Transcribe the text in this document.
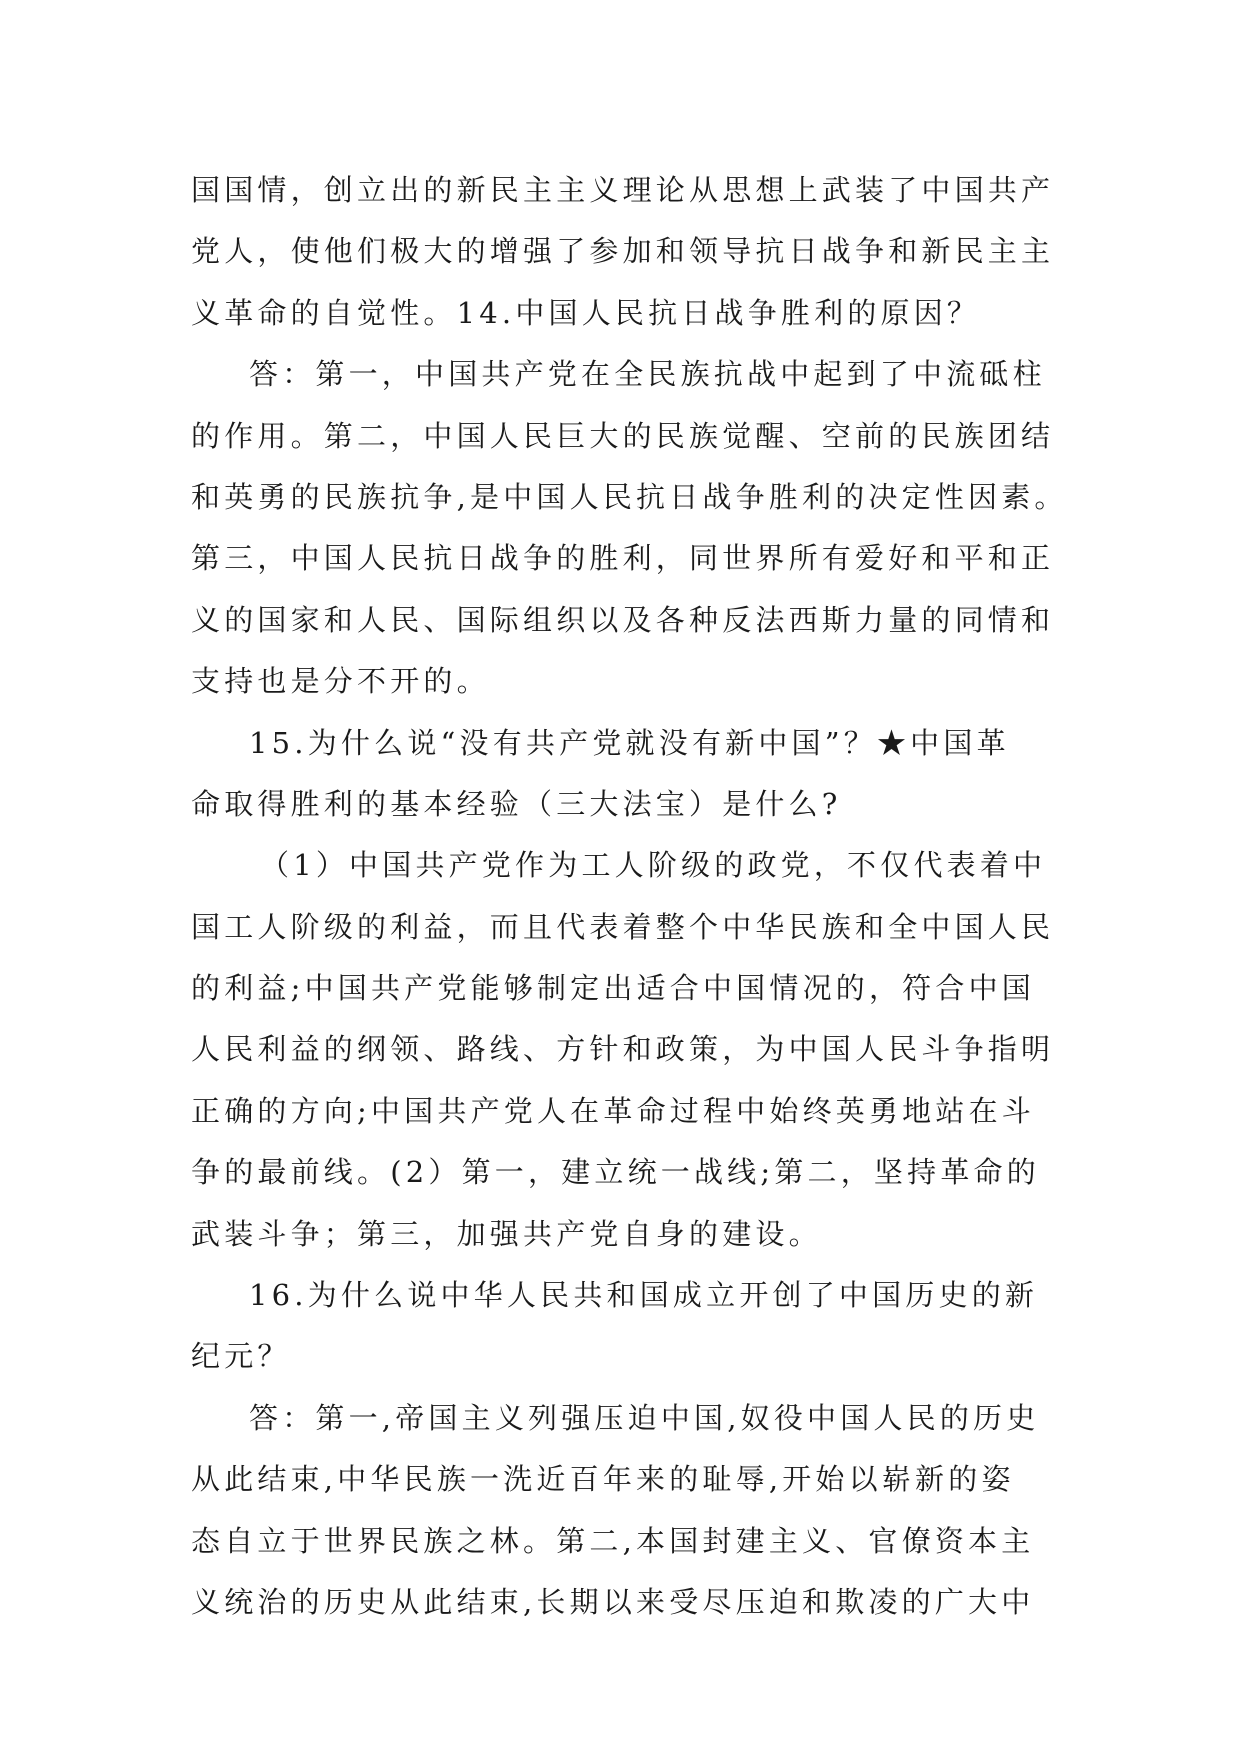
国国情，创立出的新民主主义理论从思想上武装了中国共产
党人，使他们极大的增强了参加和领导抗日战争和新民主主
义革命的自觉性。14.中国人民抗日战争胜利的原因？
答：第一，中国共产党在全民族抗战中起到了中流砥柱
的作用。第二，中国人民巨大的民族觉醒、空前的民族团结
和英勇的民族抗争,是中国人民抗日战争胜利的决定性因素。
第三，中国人民抗日战争的胜利，同世界所有爱好和平和正
义的国家和人民、国际组织以及各种反法西斯力量的同情和
支持也是分不开的。
15.为什么说“没有共产党就没有新中国”？★中国革
命取得胜利的基本经验（三大法宝）是什么?
（1）中国共产党作为工人阶级的政党，不仅代表着中
国工人阶级的利益，而且代表着整个中华民族和全中国人民
的利益;中国共产党能够制定出适合中国情况的，符合中国
人民利益的纲领、路线、方针和政策，为中国人民斗争指明
正确的方向;中国共产党人在革命过程中始终英勇地站在斗
争的最前线。(2）第一，建立统一战线;第二，坚持革命的
武装斗争；第三，加强共产党自身的建设。
16.为什么说中华人民共和国成立开创了中国历史的新
纪元？
答：第一,帝国主义列强压迫中国,奴役中国人民的历史
从此结束,中华民族一洗近百年来的耻辱,开始以崭新的姿
态自立于世界民族之林。第二,本国封建主义、官僚资本主
义统治的历史从此结束,长期以来受尽压迫和欺凌的广大中
